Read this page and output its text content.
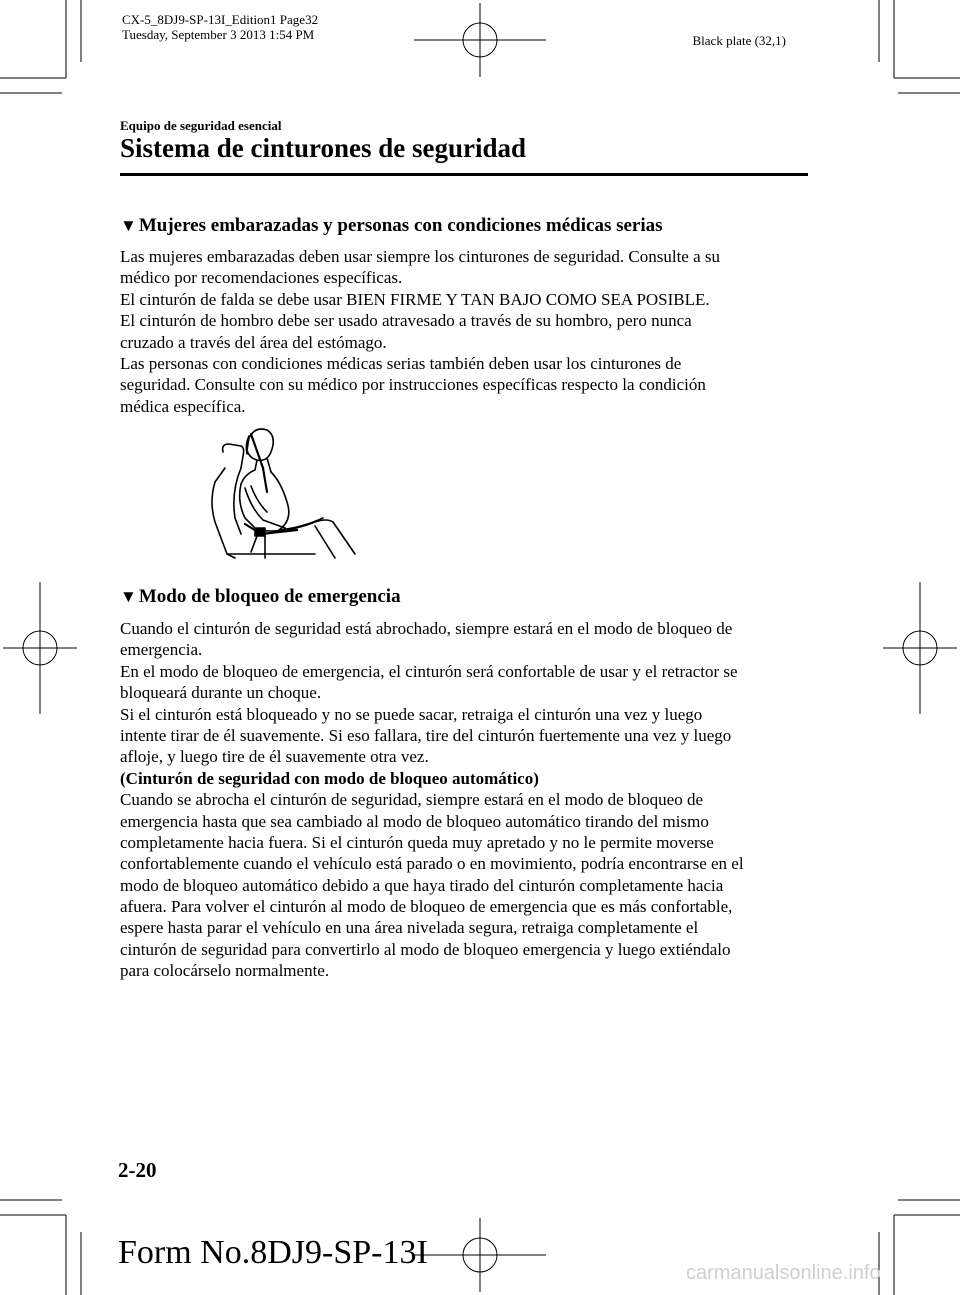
CX-5_8DJ9-SP-13I_Edition1 Page32
Tuesday, September 3 2013 1:54 PM	Black plate (32,1)
Equipo de seguridad esencial
Sistema de cinturones de seguridad
▼ Mujeres embarazadas y personas con condiciones médicas serias
Las mujeres embarazadas deben usar siempre los cinturones de seguridad. Consulte a su
médico por recomendaciones específicas.
El cinturón de falda se debe usar BIEN FIRME Y TAN BAJO COMO SEA POSIBLE.
El cinturón de hombro debe ser usado atravesado a través de su hombro, pero nunca
cruzado a través del área del estómago.
Las personas con condiciones médicas serias también deben usar los cinturones de
seguridad. Consulte con su médico por instrucciones específicas respecto la condición
médica específica.
▼ Modo de bloqueo de emergencia
Cuando el cinturón de seguridad está abrochado, siempre estará en el modo de bloqueo de
emergencia.
En el modo de bloqueo de emergencia, el cinturón será confortable de usar y el retractor se
bloqueará durante un choque.
Si el cinturón está bloqueado y no se puede sacar, retraiga el cinturón una vez y luego
intente tirar de él suavemente. Si eso fallara, tire del cinturón fuertemente una vez y luego
afloje, y luego tire de él suavemente otra vez.
(Cinturón de seguridad con modo de bloqueo automático)
Cuando se abrocha el cinturón de seguridad, siempre estará en el modo de bloqueo de
emergencia hasta que sea cambiado al modo de bloqueo automático tirando del mismo
completamente hacia fuera. Si el cinturón queda muy apretado y no le permite moverse
confortablemente cuando el vehículo está parado o en movimiento, podría encontrarse en el
modo de bloqueo automático debido a que haya tirado del cinturón completamente hacia
afuera. Para volver el cinturón al modo de bloqueo de emergencia que es más confortable,
espere hasta parar el vehículo en una área nivelada segura, retraiga completamente el
cinturón de seguridad para convertirlo al modo de bloqueo emergencia y luego extiéndalo
para colocárselo normalmente.
2-20
Form No.8DJ9-SP-13I
carmanualsonline.info
